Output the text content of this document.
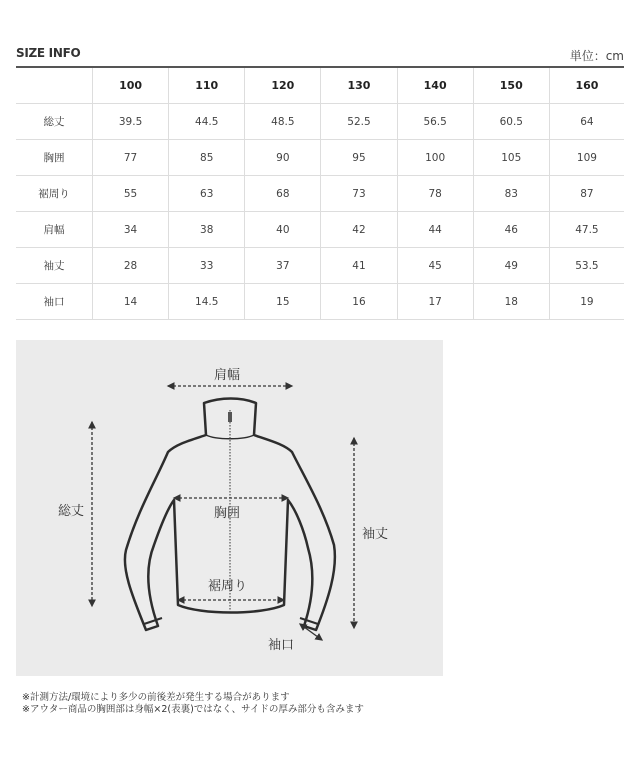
SIZE INFO	単位：cm
	100	110	120	130	140	150	160
総丈	39.5	44.5	48.5	52.5	56.5	60.5	64
胸囲	77	85	90	95	100	105	109
裾周り	55	63	68	73	78	83	87
肩幅	34	38	40	42	44	46	47.5
袖丈	28	33	37	41	45	49	53.5
袖口	14	14.5	15	16	17	18	19
肩幅
総丈	胸囲
裾周り
袖丈
袖口
※計測方法/環境により多少の前後差が発生する場合があります
※アウター商品の胸囲部は身幅×2(表裏)ではなく、サイドの厚み部分も含みます
